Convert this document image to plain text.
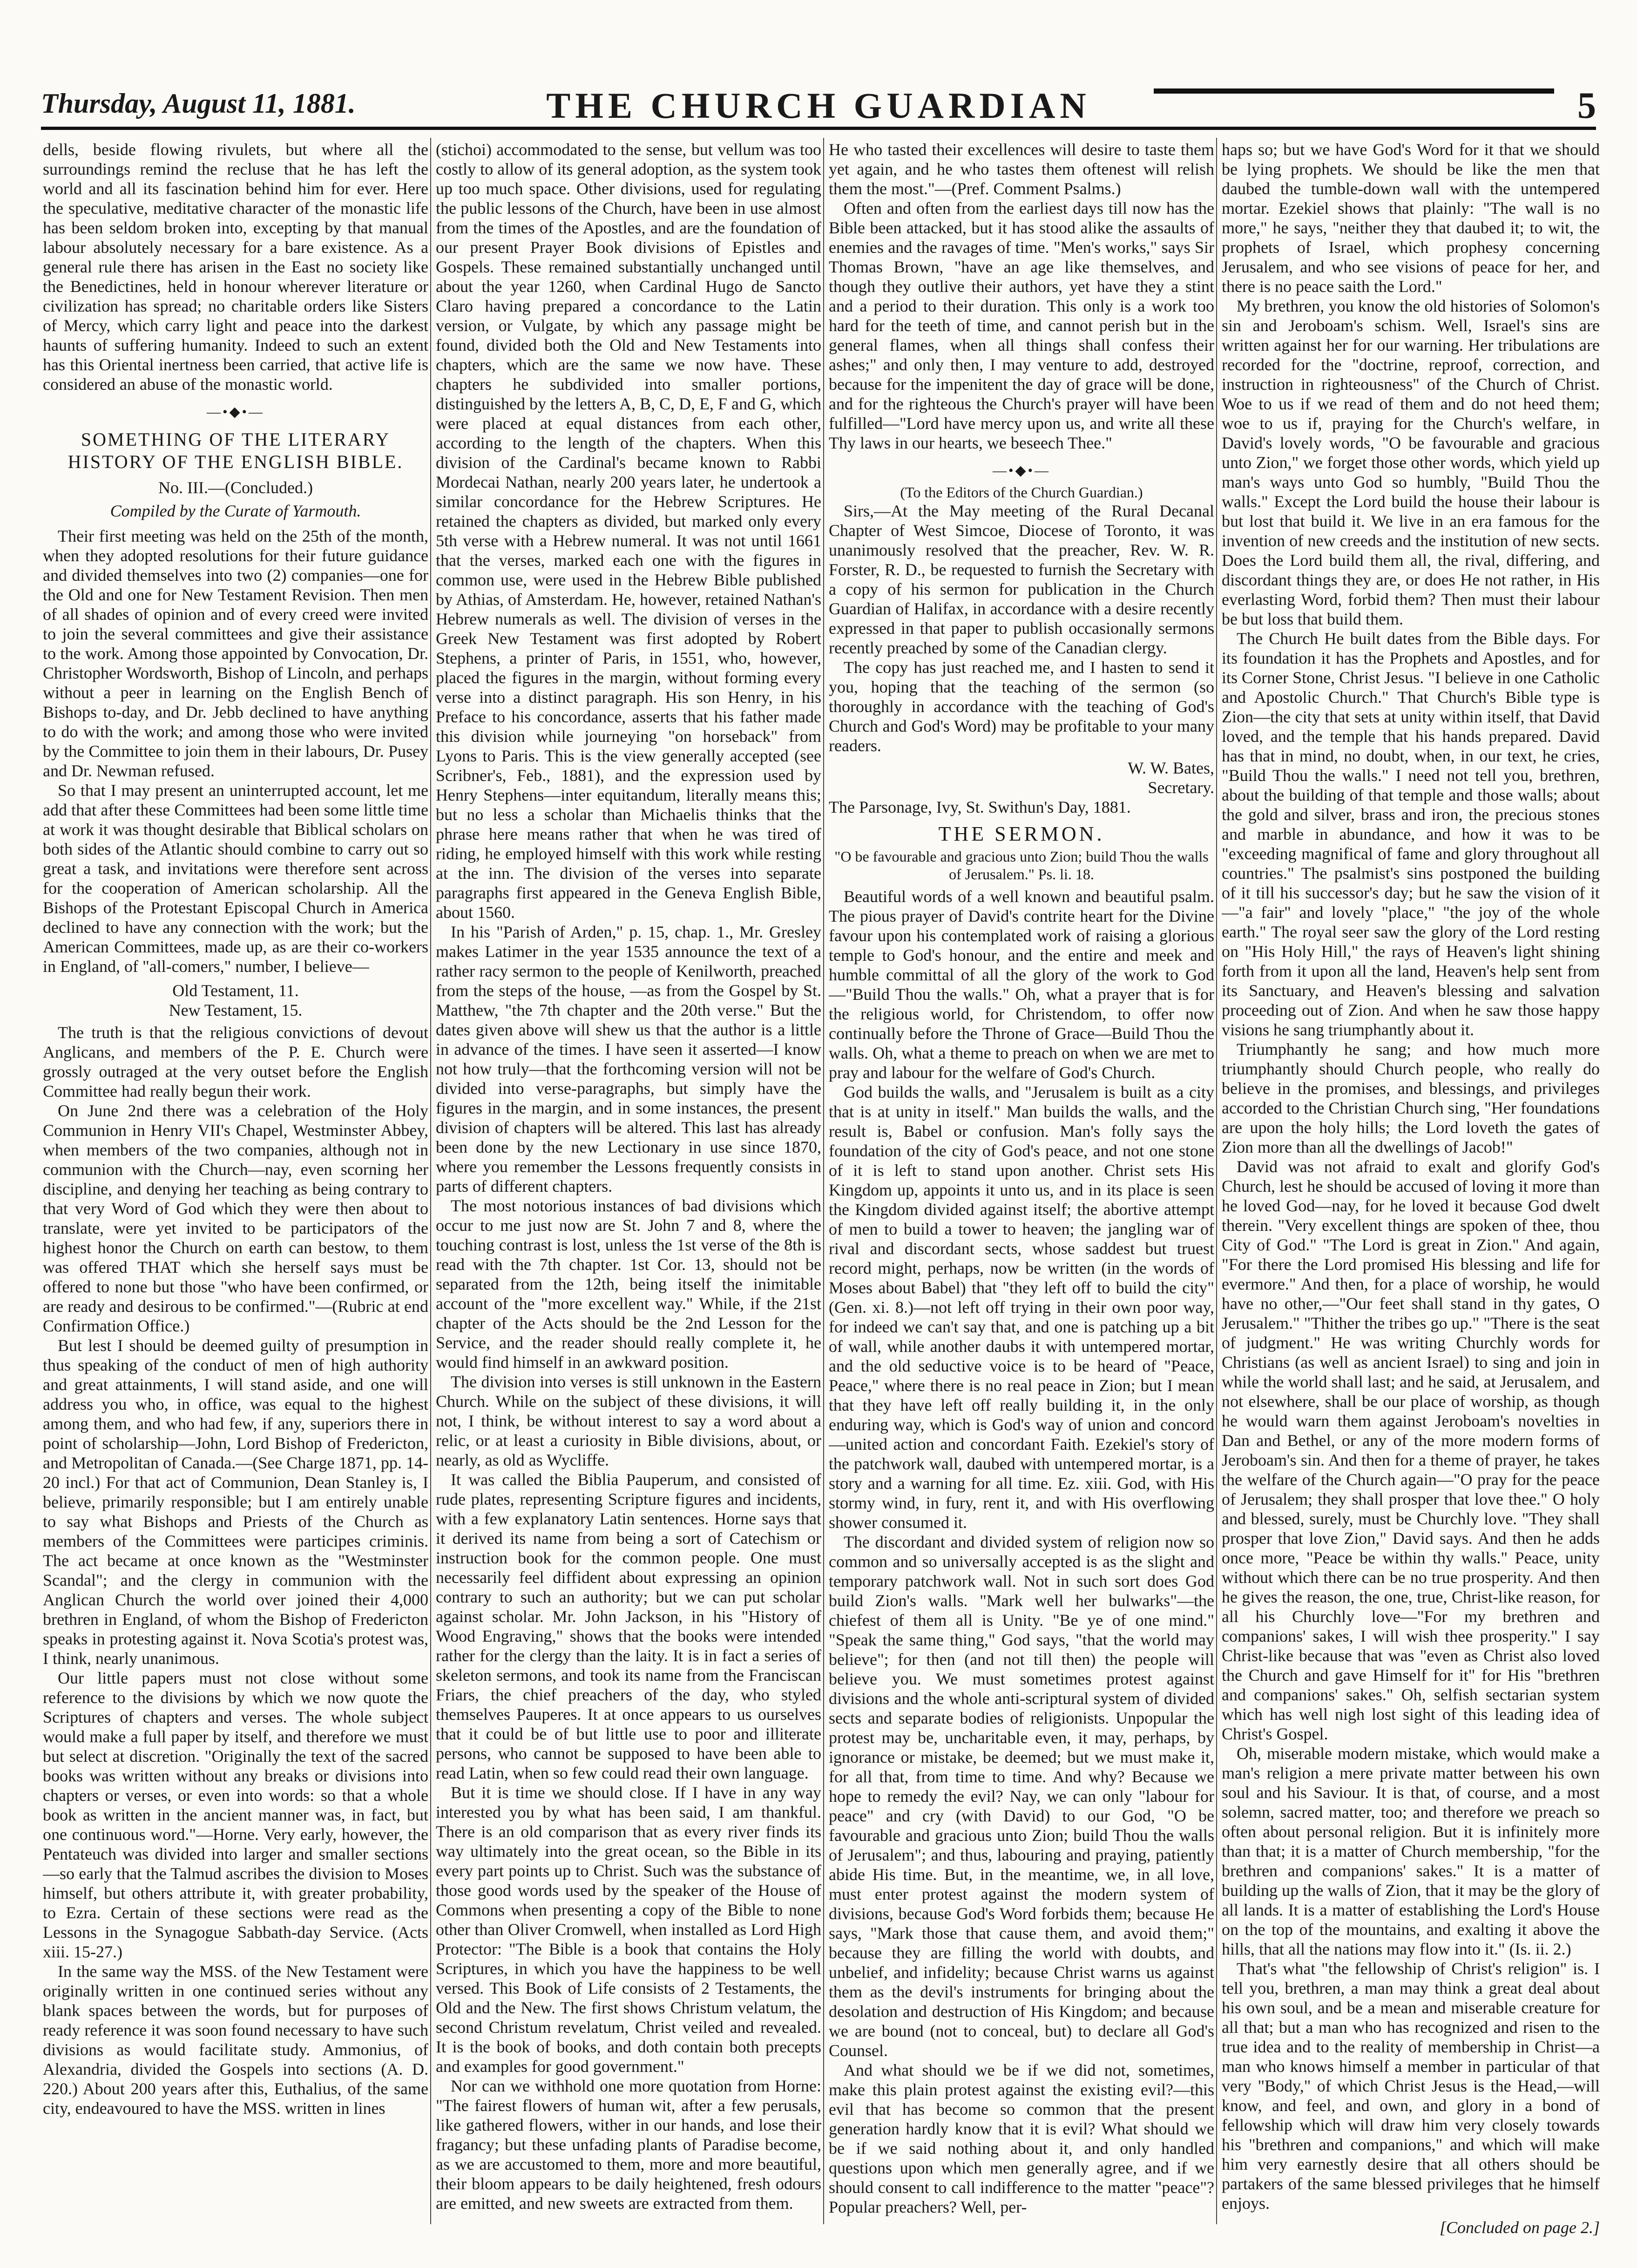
Thursday, August 11, 1881.	THE CHURCH GUARDIAN	5

dells, beside flowing rivulets, but where all the surroundings remind the recluse that he has left the world and all its fascination behind him for ever. Here the speculative, meditative character of the monastic life has been seldom broken into, excepting by that manual labour absolutely necessary for a bare existence. As a general rule there has arisen in the East no society like the Benedictines, held in honour wherever literature or civilization has spread; no charitable orders like Sisters of Mercy, which carry light and peace into the darkest haunts of suffering humanity. Indeed to such an extent has this Oriental inertness been carried, that active life is considered an abuse of the monastic world.

—•◆•—
SOMETHING OF THE LITERARY HISTORY OF THE ENGLISH BIBLE.
No. III.—(Concluded.)
Compiled by the Curate of Yarmouth.

Their first meeting was held on the 25th of the month, when they adopted resolutions for their future guidance and divided themselves into two (2) companies—one for the Old and one for New Testament Revision. Then men of all shades of opinion and of every creed were invited to join the several committees and give their assistance to the work. Among those appointed by Convocation, Dr. Christopher Wordsworth, Bishop of Lincoln, and perhaps without a peer in learning on the English Bench of Bishops to-day, and Dr. Jebb declined to have anything to do with the work; and among those who were invited by the Committee to join them in their labours, Dr. Pusey and Dr. Newman refused.

So that I may present an uninterrupted account, let me add that after these Committees had been some little time at work it was thought desirable that Biblical scholars on both sides of the Atlantic should combine to carry out so great a task, and invitations were therefore sent across for the cooperation of American scholarship. All the Bishops of the Protestant Episcopal Church in America declined to have any connection with the work; but the American Committees, made up, as are their co-workers in England, of "all-comers," number, I believe—

Old Testament, 11.
New Testament, 15.

The truth is that the religious convictions of devout Anglicans, and members of the P. E. Church were grossly outraged at the very outset before the English Committee had really begun their work.

On June 2nd there was a celebration of the Holy Communion in Henry VII's Chapel, Westminster Abbey, when members of the two companies, although not in communion with the Church—nay, even scorning her discipline, and denying her teaching as being contrary to that very Word of God which they were then about to translate, were yet invited to be participators of the highest honor the Church on earth can bestow, to them was offered THAT which she herself says must be offered to none but those "who have been confirmed, or are ready and desirous to be confirmed."—(Rubric at end Confirmation Office.)

But lest I should be deemed guilty of presumption in thus speaking of the conduct of men of high authority and great attainments, I will stand aside, and one will address you who, in office, was equal to the highest among them, and who had few, if any, superiors there in point of scholarship—John, Lord Bishop of Fredericton, and Metropolitan of Canada.—(See Charge 1871, pp. 14-20 incl.) For that act of Communion, Dean Stanley is, I believe, primarily responsible; but I am entirely unable to say what Bishops and Priests of the Church as members of the Committees were participes criminis. The act became at once known as the "Westminster Scandal"; and the clergy in communion with the Anglican Church the world over joined their 4,000 brethren in England, of whom the Bishop of Fredericton speaks in protesting against it. Nova Scotia's protest was, I think, nearly unanimous.

Our little papers must not close without some reference to the divisions by which we now quote the Scriptures of chapters and verses. The whole subject would make a full paper by itself, and therefore we must but select at discretion. "Originally the text of the sacred books was written without any breaks or divisions into chapters or verses, or even into words: so that a whole book as written in the ancient manner was, in fact, but one continuous word."—Horne. Very early, however, the Pentateuch was divided into larger and smaller sections—so early that the Talmud ascribes the division to Moses himself, but others attribute it, with greater probability, to Ezra. Certain of these sections were read as the Lessons in the Synagogue Sabbath-day Service. (Acts xiii. 15-27.)

In the same way the MSS. of the New Testament were originally written in one continued series without any blank spaces between the words, but for purposes of ready reference it was soon found necessary to have such divisions as would facilitate study. Ammonius, of Alexandria, divided the Gospels into sections (A. D. 220.) About 200 years after this, Euthalius, of the same city, endeavoured to have the MSS. written in lines

(stichoi) accommodated to the sense, but vellum was too costly to allow of its general adoption, as the system took up too much space. Other divisions, used for regulating the public lessons of the Church, have been in use almost from the times of the Apostles, and are the foundation of our present Prayer Book divisions of Epistles and Gospels. These remained substantially unchanged until about the year 1260, when Cardinal Hugo de Sancto Claro having prepared a concordance to the Latin version, or Vulgate, by which any passage might be found, divided both the Old and New Testaments into chapters, which are the same we now have. These chapters he subdivided into smaller portions, distinguished by the letters A, B, C, D, E, F and G, which were placed at equal distances from each other, according to the length of the chapters. When this division of the Cardinal's became known to Rabbi Mordecai Nathan, nearly 200 years later, he undertook a similar concordance for the Hebrew Scriptures. He retained the chapters as divided, but marked only every 5th verse with a Hebrew numeral. It was not until 1661 that the verses, marked each one with the figures in common use, were used in the Hebrew Bible published by Athias, of Amsterdam. He, however, retained Nathan's Hebrew numerals as well. The division of verses in the Greek New Testament was first adopted by Robert Stephens, a printer of Paris, in 1551, who, however, placed the figures in the margin, without forming every verse into a distinct paragraph. His son Henry, in his Preface to his concordance, asserts that his father made this division while journeying "on horseback" from Lyons to Paris. This is the view generally accepted (see Scribner's, Feb., 1881), and the expression used by Henry Stephens—inter equitandum, literally means this; but no less a scholar than Michaelis thinks that the phrase here means rather that when he was tired of riding, he employed himself with this work while resting at the inn. The division of the verses into separate paragraphs first appeared in the Geneva English Bible, about 1560.

In his "Parish of Arden," p. 15, chap. 1., Mr. Gresley makes Latimer in the year 1535 announce the text of a rather racy sermon to the people of Kenilworth, preached from the steps of the house, —as from the Gospel by St. Matthew, "the 7th chapter and the 20th verse." But the dates given above will shew us that the author is a little in advance of the times. I have seen it asserted—I know not how truly—that the forthcoming version will not be divided into verse-paragraphs, but simply have the figures in the margin, and in some instances, the present division of chapters will be altered. This last has already been done by the new Lectionary in use since 1870, where you remember the Lessons frequently consists in parts of different chapters.

The most notorious instances of bad divisions which occur to me just now are St. John 7 and 8, where the touching contrast is lost, unless the 1st verse of the 8th is read with the 7th chapter. 1st Cor. 13, should not be separated from the 12th, being itself the inimitable account of the "more excellent way." While, if the 21st chapter of the Acts should be the 2nd Lesson for the Service, and the reader should really complete it, he would find himself in an awkward position.

The division into verses is still unknown in the Eastern Church. While on the subject of these divisions, it will not, I think, be without interest to say a word about a relic, or at least a curiosity in Bible divisions, about, or nearly, as old as Wycliffe.

It was called the Biblia Pauperum, and consisted of rude plates, representing Scripture figures and incidents, with a few explanatory Latin sentences. Horne says that it derived its name from being a sort of Catechism or instruction book for the common people. One must necessarily feel diffident about expressing an opinion contrary to such an authority; but we can put scholar against scholar. Mr. John Jackson, in his "History of Wood Engraving," shows that the books were intended rather for the clergy than the laity. It is in fact a series of skeleton sermons, and took its name from the Franciscan Friars, the chief preachers of the day, who styled themselves Pauperes. It at once appears to us ourselves that it could be of but little use to poor and illiterate persons, who cannot be supposed to have been able to read Latin, when so few could read their own language.

But it is time we should close. If I have in any way interested you by what has been said, I am thankful. There is an old comparison that as every river finds its way ultimately into the great ocean, so the Bible in its every part points up to Christ. Such was the substance of those good words used by the speaker of the House of Commons when presenting a copy of the Bible to none other than Oliver Cromwell, when installed as Lord High Protector: "The Bible is a book that contains the Holy Scriptures, in which you have the happiness to be well versed. This Book of Life consists of 2 Testaments, the Old and the New. The first shows Christum velatum, the second Christum revelatum, Christ veiled and revealed. It is the book of books, and doth contain both precepts and examples for good government."

Nor can we withhold one more quotation from Horne: "The fairest flowers of human wit, after a few perusals, like gathered flowers, wither in our hands, and lose their fragancy; but these unfading plants of Paradise become, as we are accustomed to them, more and more beautiful, their bloom appears to be daily heightened, fresh odours are emitted, and new sweets are extracted from them.

He who tasted their excellences will desire to taste them yet again, and he who tastes them oftenest will relish them the most."—(Pref. Comment Psalms.)

Often and often from the earliest days till now has the Bible been attacked, but it has stood alike the assaults of enemies and the ravages of time. "Men's works," says Sir Thomas Brown, "have an age like themselves, and though they outlive their authors, yet have they a stint and a period to their duration. This only is a work too hard for the teeth of time, and cannot perish but in the general flames, when all things shall confess their ashes;" and only then, I may venture to add, destroyed because for the impenitent the day of grace will be done, and for the righteous the Church's prayer will have been fulfilled—"Lord have mercy upon us, and write all these Thy laws in our hearts, we beseech Thee."

—•◆•—
(To the Editors of the Church Guardian.)

Sirs,—At the May meeting of the Rural Decanal Chapter of West Simcoe, Diocese of Toronto, it was unanimously resolved that the preacher, Rev. W. R. Forster, R. D., be requested to furnish the Secretary with a copy of his sermon for publication in the Church Guardian of Halifax, in accordance with a desire recently expressed in that paper to publish occasionally sermons recently preached by some of the Canadian clergy.

The copy has just reached me, and I hasten to send it you, hoping that the teaching of the sermon (so thoroughly in accordance with the teaching of God's Church and God's Word) may be profitable to your many readers.

W. W. Bates,
Secretary.
The Parsonage, Ivy, St. Swithun's Day, 1881.
THE SERMON.
"O be favourable and gracious unto Zion; build Thou the walls of Jerusalem." Ps. li. 18.

Beautiful words of a well known and beautiful psalm. The pious prayer of David's contrite heart for the Divine favour upon his contemplated work of raising a glorious temple to God's honour, and the entire and meek and humble committal of all the glory of the work to God—"Build Thou the walls." Oh, what a prayer that is for the religious world, for Christendom, to offer now continually before the Throne of Grace—Build Thou the walls. Oh, what a theme to preach on when we are met to pray and labour for the welfare of God's Church.

God builds the walls, and "Jerusalem is built as a city that is at unity in itself." Man builds the walls, and the result is, Babel or confusion. Man's folly says the foundation of the city of God's peace, and not one stone of it is left to stand upon another. Christ sets His Kingdom up, appoints it unto us, and in its place is seen the Kingdom divided against itself; the abortive attempt of men to build a tower to heaven; the jangling war of rival and discordant sects, whose saddest but truest record might, perhaps, now be written (in the words of Moses about Babel) that "they left off to build the city" (Gen. xi. 8.)—not left off trying in their own poor way, for indeed we can't say that, and one is patching up a bit of wall, while another daubs it with untempered mortar, and the old seductive voice is to be heard of "Peace, Peace," where there is no real peace in Zion; but I mean that they have left off really building it, in the only enduring way, which is God's way of union and concord—united action and concordant Faith. Ezekiel's story of the patchwork wall, daubed with untempered mortar, is a story and a warning for all time. Ez. xiii. God, with His stormy wind, in fury, rent it, and with His overflowing shower consumed it.

The discordant and divided system of religion now so common and so universally accepted is as the slight and temporary patchwork wall. Not in such sort does God build Zion's walls. "Mark well her bulwarks"—the chiefest of them all is Unity. "Be ye of one mind." "Speak the same thing," God says, "that the world may believe"; for then (and not till then) the people will believe you. We must sometimes protest against divisions and the whole anti-scriptural system of divided sects and separate bodies of religionists. Unpopular the protest may be, uncharitable even, it may, perhaps, by ignorance or mistake, be deemed; but we must make it, for all that, from time to time. And why? Because we hope to remedy the evil? Nay, we can only "labour for peace" and cry (with David) to our God, "O be favourable and gracious unto Zion; build Thou the walls of Jerusalem"; and thus, labouring and praying, patiently abide His time. But, in the meantime, we, in all love, must enter protest against the modern system of divisions, because God's Word forbids them; because He says, "Mark those that cause them, and avoid them;" because they are filling the world with doubts, and unbelief, and infidelity; because Christ warns us against them as the devil's instruments for bringing about the desolation and destruction of His Kingdom; and because we are bound (not to conceal, but) to declare all God's Counsel.

And what should we be if we did not, sometimes, make this plain protest against the existing evil?—this evil that has become so common that the present generation hardly know that it is evil? What should we be if we said nothing about it, and only handled questions upon which men generally agree, and if we should consent to call indifference to the matter "peace"? Popular preachers? Well, per-

haps so; but we have God's Word for it that we should be lying prophets. We should be like the men that daubed the tumble-down wall with the untempered mortar. Ezekiel shows that plainly: "The wall is no more," he says, "neither they that daubed it; to wit, the prophets of Israel, which prophesy concerning Jerusalem, and who see visions of peace for her, and there is no peace saith the Lord."

My brethren, you know the old histories of Solomon's sin and Jeroboam's schism. Well, Israel's sins are written against her for our warning. Her tribulations are recorded for the "doctrine, reproof, correction, and instruction in righteousness" of the Church of Christ. Woe to us if we read of them and do not heed them; woe to us if, praying for the Church's welfare, in David's lovely words, "O be favourable and gracious unto Zion," we forget those other words, which yield up man's ways unto God so humbly, "Build Thou the walls." Except the Lord build the house their labour is but lost that build it. We live in an era famous for the invention of new creeds and the institution of new sects. Does the Lord build them all, the rival, differing, and discordant things they are, or does He not rather, in His everlasting Word, forbid them? Then must their labour be but loss that build them.

The Church He built dates from the Bible days. For its foundation it has the Prophets and Apostles, and for its Corner Stone, Christ Jesus. "I believe in one Catholic and Apostolic Church." That Church's Bible type is Zion—the city that sets at unity within itself, that David loved, and the temple that his hands prepared. David has that in mind, no doubt, when, in our text, he cries, "Build Thou the walls." I need not tell you, brethren, about the building of that temple and those walls; about the gold and silver, brass and iron, the precious stones and marble in abundance, and how it was to be "exceeding magnifical of fame and glory throughout all countries." The psalmist's sins postponed the building of it till his successor's day; but he saw the vision of it—"a fair" and lovely "place," "the joy of the whole earth." The royal seer saw the glory of the Lord resting on "His Holy Hill," the rays of Heaven's light shining forth from it upon all the land, Heaven's help sent from its Sanctuary, and Heaven's blessing and salvation proceeding out of Zion. And when he saw those happy visions he sang triumphantly about it.

Triumphantly he sang; and how much more triumphantly should Church people, who really do believe in the promises, and blessings, and privileges accorded to the Christian Church sing, "Her foundations are upon the holy hills; the Lord loveth the gates of Zion more than all the dwellings of Jacob!"

David was not afraid to exalt and glorify God's Church, lest he should be accused of loving it more than he loved God—nay, for he loved it because God dwelt therein. "Very excellent things are spoken of thee, thou City of God." "The Lord is great in Zion." And again, "For there the Lord promised His blessing and life for evermore." And then, for a place of worship, he would have no other,—"Our feet shall stand in thy gates, O Jerusalem." "Thither the tribes go up." "There is the seat of judgment." He was writing Churchly words for Christians (as well as ancient Israel) to sing and join in while the world shall last; and he said, at Jerusalem, and not elsewhere, shall be our place of worship, as though he would warn them against Jeroboam's novelties in Dan and Bethel, or any of the more modern forms of Jeroboam's sin. And then for a theme of prayer, he takes the welfare of the Church again—"O pray for the peace of Jerusalem; they shall prosper that love thee." O holy and blessed, surely, must be Churchly love. "They shall prosper that love Zion," David says. And then he adds once more, "Peace be within thy walls." Peace, unity without which there can be no true prosperity. And then he gives the reason, the one, true, Christ-like reason, for all his Churchly love—"For my brethren and companions' sakes, I will wish thee prosperity." I say Christ-like because that was "even as Christ also loved the Church and gave Himself for it" for His "brethren and companions' sakes." Oh, selfish sectarian system which has well nigh lost sight of this leading idea of Christ's Gospel.

Oh, miserable modern mistake, which would make a man's religion a mere private matter between his own soul and his Saviour. It is that, of course, and a most solemn, sacred matter, too; and therefore we preach so often about personal religion. But it is infinitely more than that; it is a matter of Church membership, "for the brethren and companions' sakes." It is a matter of building up the walls of Zion, that it may be the glory of all lands. It is a matter of establishing the Lord's House on the top of the mountains, and exalting it above the hills, that all the nations may flow into it." (Is. ii. 2.)

That's what "the fellowship of Christ's religion" is. I tell you, brethren, a man may think a great deal about his own soul, and be a mean and miserable creature for all that; but a man who has recognized and risen to the true idea and to the reality of membership in Christ—a man who knows himself a member in particular of that very "Body," of which Christ Jesus is the Head,—will know, and feel, and own, and glory in a bond of fellowship which will draw him very closely towards his "brethren and companions," and which will make him very earnestly desire that all others should be partakers of the same blessed privileges that he himself enjoys.

[Concluded on page 2.]
